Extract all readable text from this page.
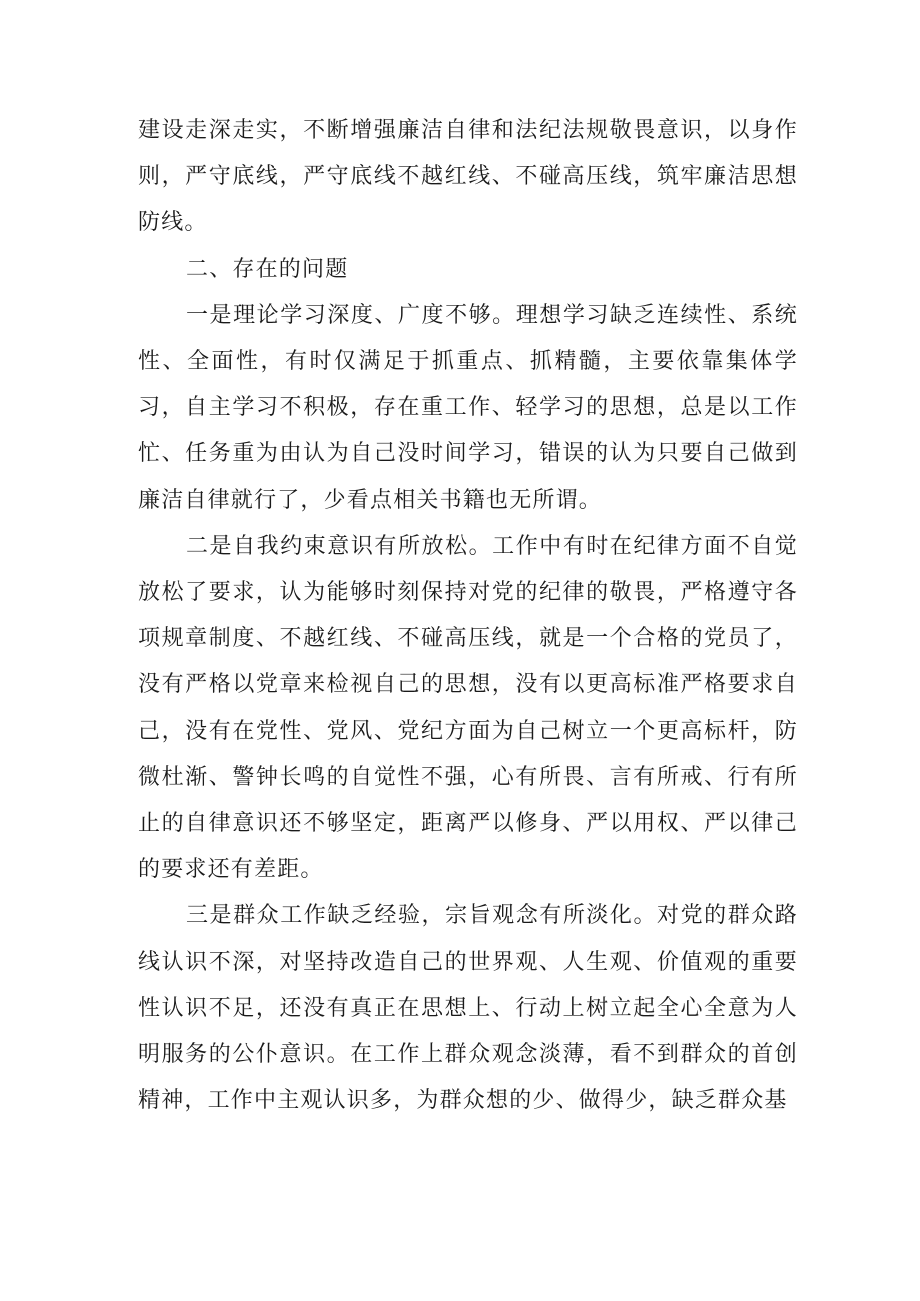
建设走深走实，不断增强廉洁自律和法纪法规敬畏意识，以身作则，严守底线，严守底线不越红线、不碰高压线，筑牢廉洁思想防线。

二、存在的问题

一是理论学习深度、广度不够。理想学习缺乏连续性、系统性、全面性，有时仅满足于抓重点、抓精髓，主要依靠集体学习，自主学习不积极，存在重工作、轻学习的思想，总是以工作忙、任务重为由认为自己没时间学习，错误的认为只要自己做到廉洁自律就行了，少看点相关书籍也无所谓。

二是自我约束意识有所放松。工作中有时在纪律方面不自觉放松了要求，认为能够时刻保持对党的纪律的敬畏，严格遵守各项规章制度、不越红线、不碰高压线，就是一个合格的党员了，没有严格以党章来检视自己的思想，没有以更高标准严格要求自己，没有在党性、党风、党纪方面为自己树立一个更高标杆，防微杜渐、警钟长鸣的自觉性不强，心有所畏、言有所戒、行有所止的自律意识还不够坚定，距离严以修身、严以用权、严以律己的要求还有差距。

三是群众工作缺乏经验，宗旨观念有所淡化。对党的群众路线认识不深，对坚持改造自己的世界观、人生观、价值观的重要性认识不足，还没有真正在思想上、行动上树立起全心全意为人明服务的公仆意识。在工作上群众观念淡薄，看不到群众的首创精神，工作中主观认识多，为群众想的少、做得少，缺乏群众基
